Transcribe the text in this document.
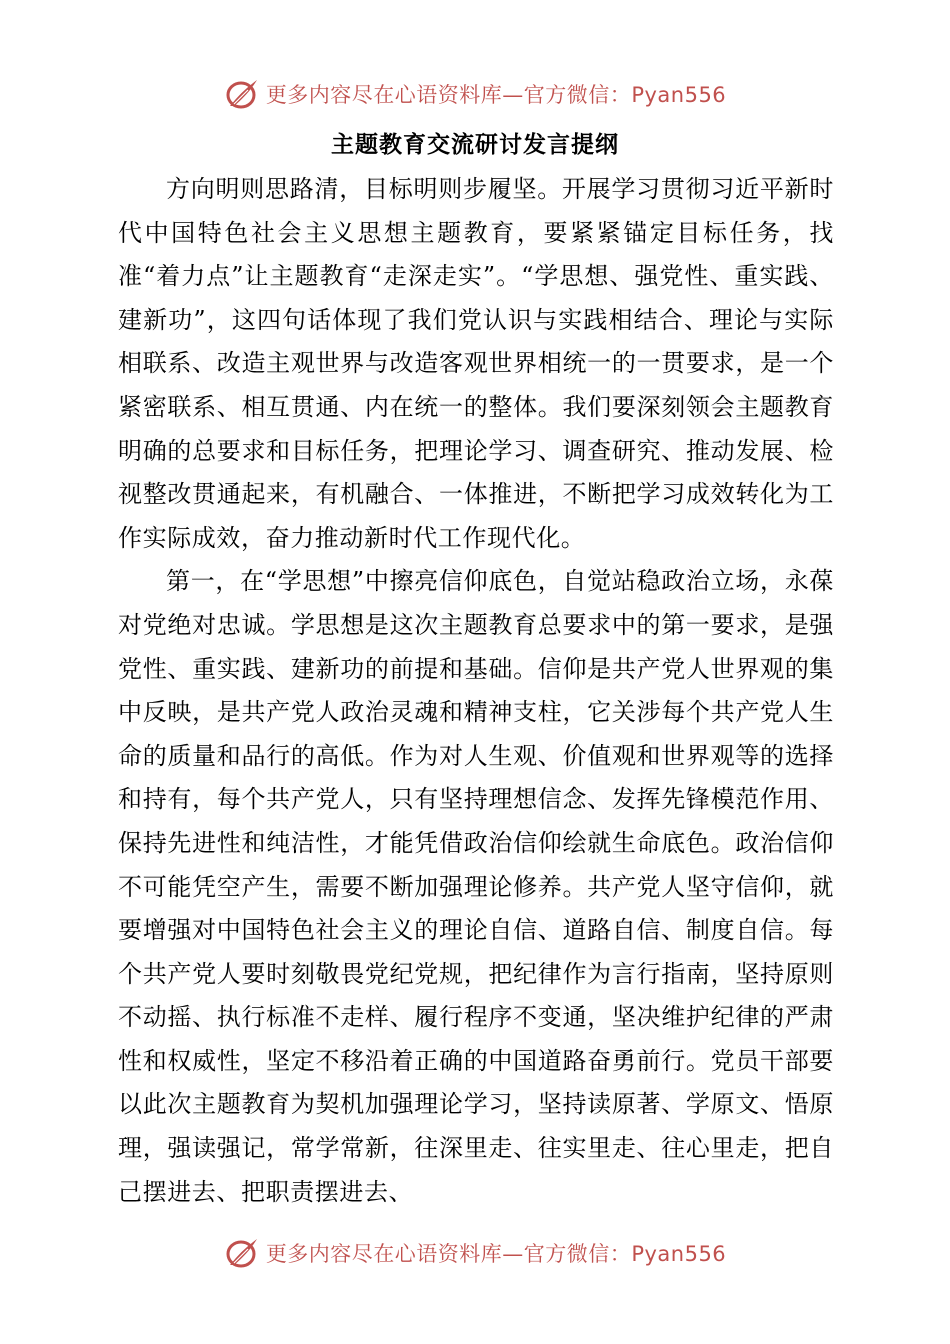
更多内容尽在心语资料库—官方微信：Pyan556
主题教育交流研讨发言提纲

方向明则思路清，目标明则步履坚。开展学习贯彻习近平新时代中国特色社会主义思想主题教育，要紧紧锚定目标任务，找准“着力点”让主题教育“走深走实”。“学思想、强党性、重实践、建新功”，这四句话体现了我们党认识与实践相结合、理论与实际相联系、改造主观世界与改造客观世界相统一的一贯要求，是一个紧密联系、相互贯通、内在统一的整体。我们要深刻领会主题教育明确的总要求和目标任务，把理论学习、调查研究、推动发展、检视整改贯通起来，有机融合、一体推进，不断把学习成效转化为工作实际成效，奋力推动新时代工作现代化。

第一，在“学思想”中擦亮信仰底色，自觉站稳政治立场，永葆对党绝对忠诚。学思想是这次主题教育总要求中的第一要求，是强党性、重实践、建新功的前提和基础。信仰是共产党人世界观的集中反映，是共产党人政治灵魂和精神支柱，它关涉每个共产党人生命的质量和品行的高低。作为对人生观、价值观和世界观等的选择和持有，每个共产党人，只有坚持理想信念、发挥先锋模范作用、保持先进性和纯洁性，才能凭借政治信仰绘就生命底色。政治信仰不可能凭空产生，需要不断加强理论修养。共产党人坚守信仰，就要增强对中国特色社会主义的理论自信、道路自信、制度自信。每个共产党人要时刻敬畏党纪党规，把纪律作为言行指南，坚持原则不动摇、执行标准不走样、履行程序不变通，坚决维护纪律的严肃性和权威性，坚定不移沿着正确的中国道路奋勇前行。党员干部要以此次主题教育为契机加强理论学习，坚持读原著、学原文、悟原理，强读强记，常学常新，往深里走、往实里走、往心里走，把自己摆进去、把职责摆进去、

更多内容尽在心语资料库—官方微信：Pyan556
